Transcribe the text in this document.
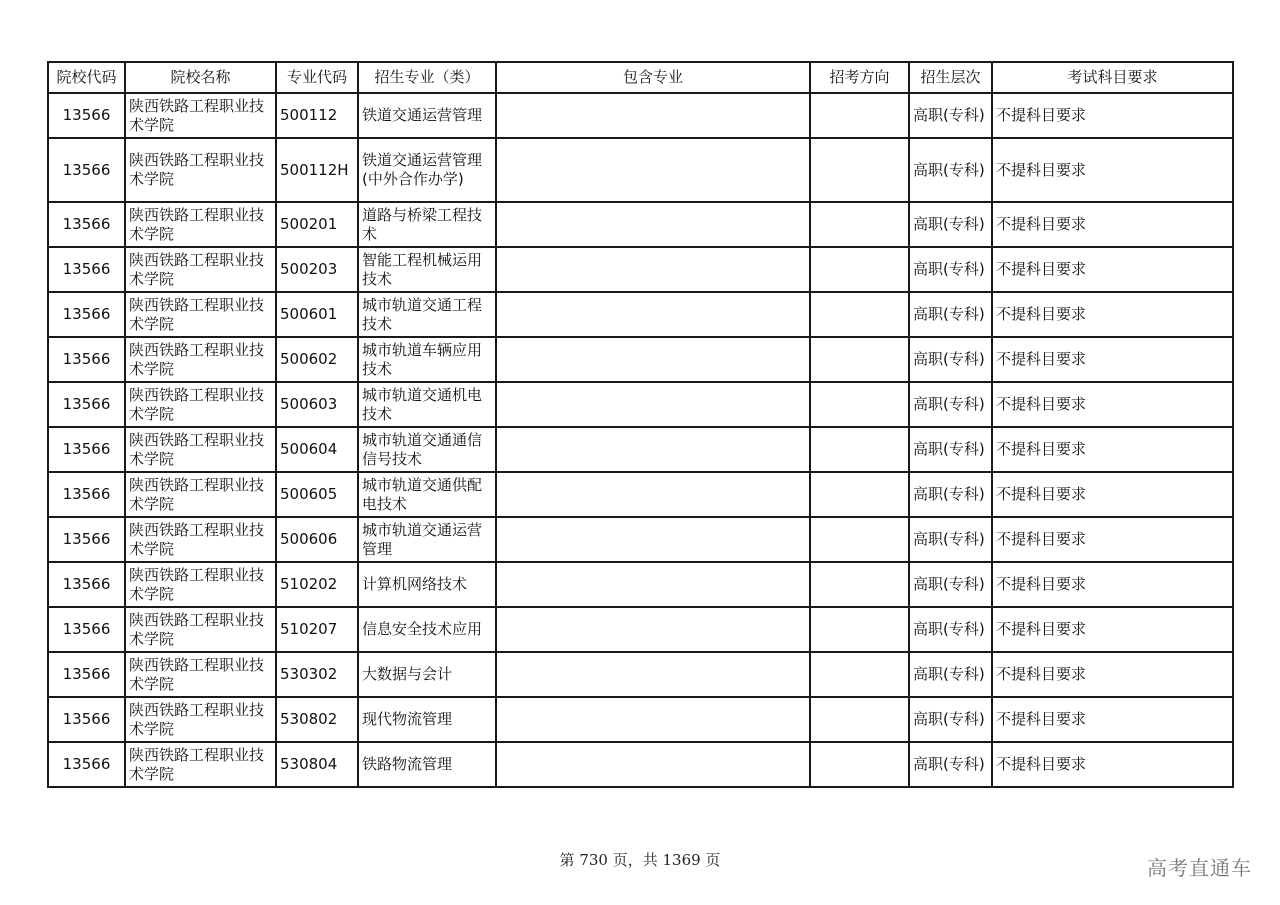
院校代码	院校名称	专业代码	招生专业（类）	包含专业	招考方向	招生层次	考试科目要求
13566	陕西铁路工程职业技术学院	500112	铁道交通运营管理			高职(专科)	不提科目要求
13566	陕西铁路工程职业技术学院	500112H	铁道交通运营管理(中外合作办学)			高职(专科)	不提科目要求
13566	陕西铁路工程职业技术学院	500201	道路与桥梁工程技术			高职(专科)	不提科目要求
13566	陕西铁路工程职业技术学院	500203	智能工程机械运用技术			高职(专科)	不提科目要求
13566	陕西铁路工程职业技术学院	500601	城市轨道交通工程技术			高职(专科)	不提科目要求
13566	陕西铁路工程职业技术学院	500602	城市轨道车辆应用技术			高职(专科)	不提科目要求
13566	陕西铁路工程职业技术学院	500603	城市轨道交通机电技术			高职(专科)	不提科目要求
13566	陕西铁路工程职业技术学院	500604	城市轨道交通通信信号技术			高职(专科)	不提科目要求
13566	陕西铁路工程职业技术学院	500605	城市轨道交通供配电技术			高职(专科)	不提科目要求
13566	陕西铁路工程职业技术学院	500606	城市轨道交通运营管理			高职(专科)	不提科目要求
13566	陕西铁路工程职业技术学院	510202	计算机网络技术			高职(专科)	不提科目要求
13566	陕西铁路工程职业技术学院	510207	信息安全技术应用			高职(专科)	不提科目要求
13566	陕西铁路工程职业技术学院	530302	大数据与会计			高职(专科)	不提科目要求
13566	陕西铁路工程职业技术学院	530802	现代物流管理			高职(专科)	不提科目要求
13566	陕西铁路工程职业技术学院	530804	铁路物流管理			高职(专科)	不提科目要求
第 730 页，共 1369 页	高考直通车
